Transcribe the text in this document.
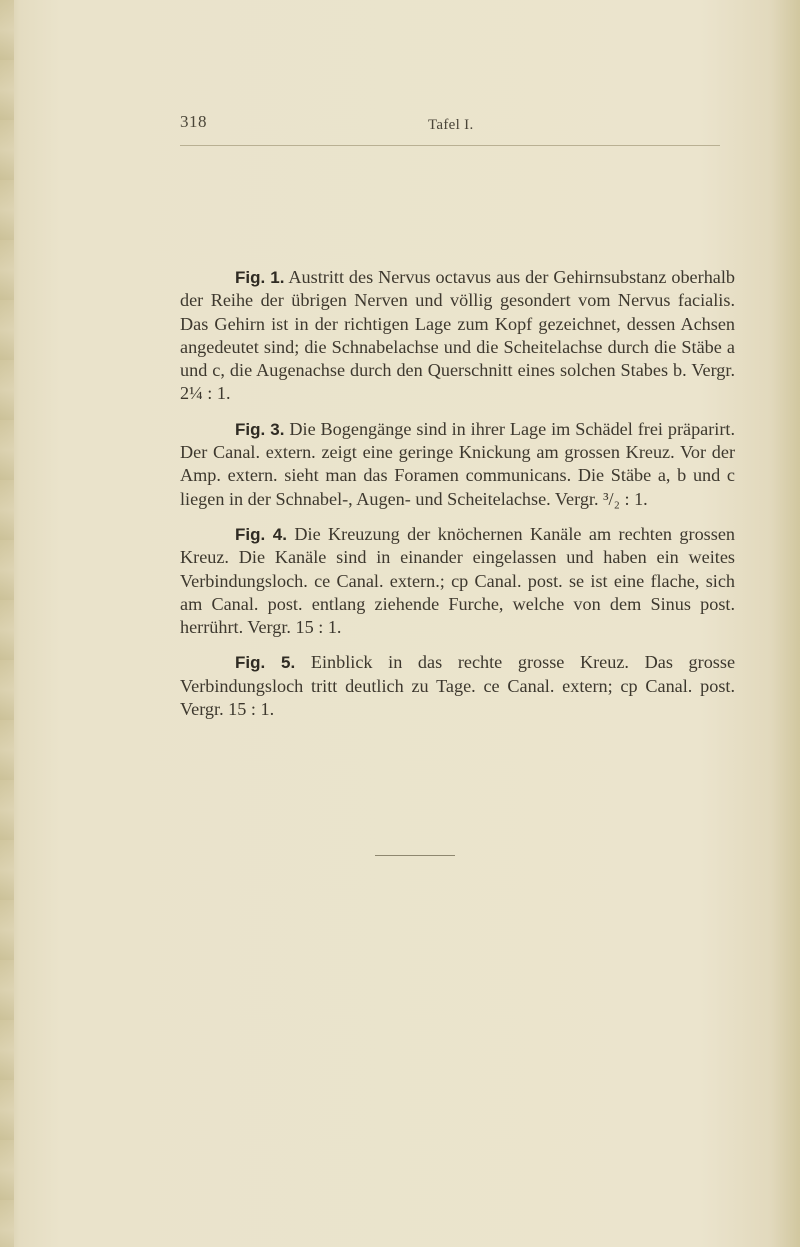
318	Tafel I.

Fig. 1. Austritt des Nervus octavus aus der Gehirnsubstanz oberhalb der Reihe der übrigen Nerven und völlig gesondert vom Nervus facialis. Das Gehirn ist in der richtigen Lage zum Kopf gezeichnet, dessen Achsen angedeutet sind; die Schnabelachse und die Scheitelachse durch die Stäbe a und c, die Augenachse durch den Querschnitt eines solchen Stabes b. Vergr. 2¼ : 1.

Fig. 3. Die Bogengänge sind in ihrer Lage im Schädel frei präparirt. Der Canal. extern. zeigt eine geringe Knickung am grossen Kreuz. Vor der Amp. extern. sieht man das Foramen communicans. Die Stäbe a, b und c liegen in der Schnabel-, Augen- und Scheitelachse. Vergr. ³/₂ : 1.

Fig. 4. Die Kreuzung der knöchernen Kanäle am rechten grossen Kreuz. Die Kanäle sind in einander eingelassen und haben ein weites Verbindungsloch. ce Canal. extern.; cp Canal. post. se ist eine flache, sich am Canal. post. entlang ziehende Furche, welche von dem Sinus post. herrührt. Vergr. 15 : 1.

Fig. 5. Einblick in das rechte grosse Kreuz. Das grosse Verbindungsloch tritt deutlich zu Tage. ce Canal. extern; cp Canal. post. Vergr. 15 : 1.
